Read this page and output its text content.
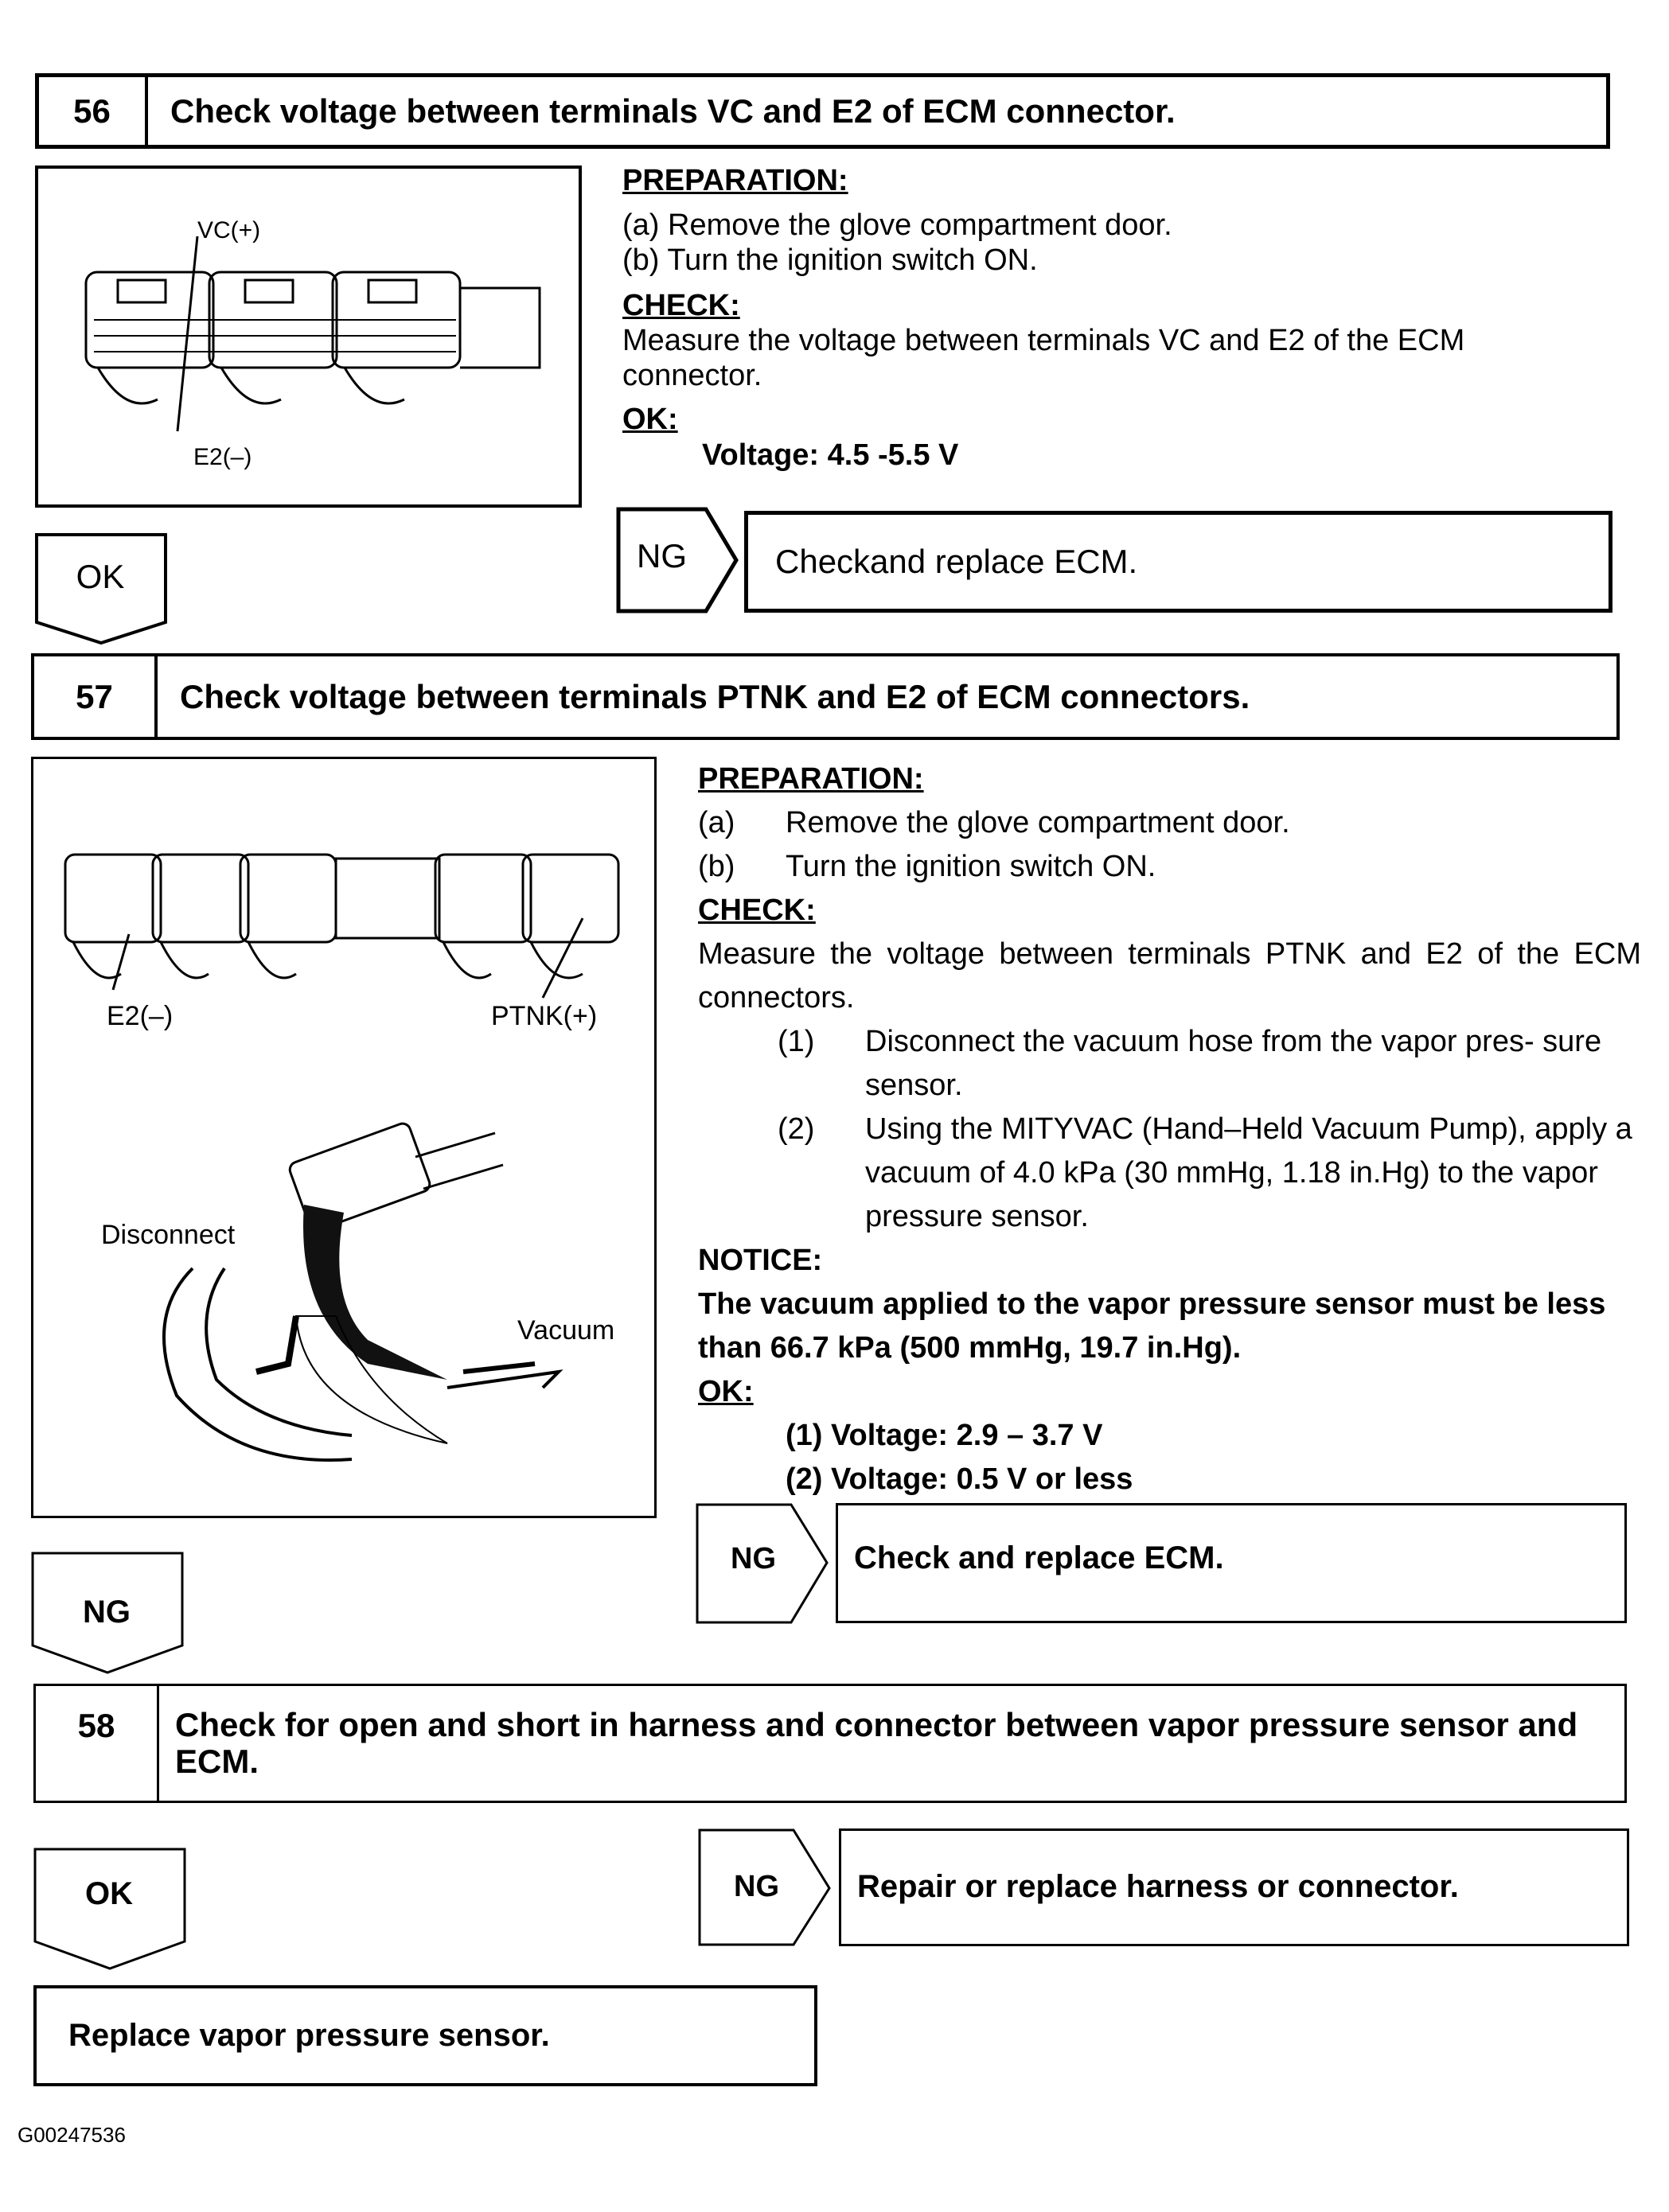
56	Check voltage between terminals VC and E2 of ECM connector.
VC(+)
E2(–)
PREPARATION:
(a) Remove the glove compartment door.
(b) Turn the ignition switch ON.
CHECK:
Measure the voltage between terminals VC and E2 of the ECM connector.
OK:
Voltage: 4.5 -5.5 V
OK
NG	Checkand replace ECM.
57	Check voltage between terminals PTNK and E2 of ECM connectors.
E2(–)	PTNK(+)
Disconnect
Vacuum
PREPARATION:
(a)	Remove the glove compartment door.
(b)	Turn the ignition switch ON.
CHECK:
Measure the voltage between terminals PTNK and E2 of the ECM connectors.
(1)	Disconnect the vacuum hose from the vapor pres- sure sensor.
(2)	Using the MITYVAC (Hand–Held Vacuum Pump), apply a vacuum of 4.0 kPa (30 mmHg, 1.18 in.Hg) to the vapor pressure sensor.
NOTICE:
The vacuum applied to the vapor pressure sensor must be less than 66.7 kPa (500 mmHg, 19.7 in.Hg).
OK:
(1) Voltage: 2.9 – 3.7 V
(2) Voltage: 0.5 V or less
NG
NG Check and replace ECM.
58	Check for open and short in harness and connector between vapor pressure sensor and ECM.
OK	NG Repair or replace harness or connector.
Replace vapor pressure sensor.
G00247536
